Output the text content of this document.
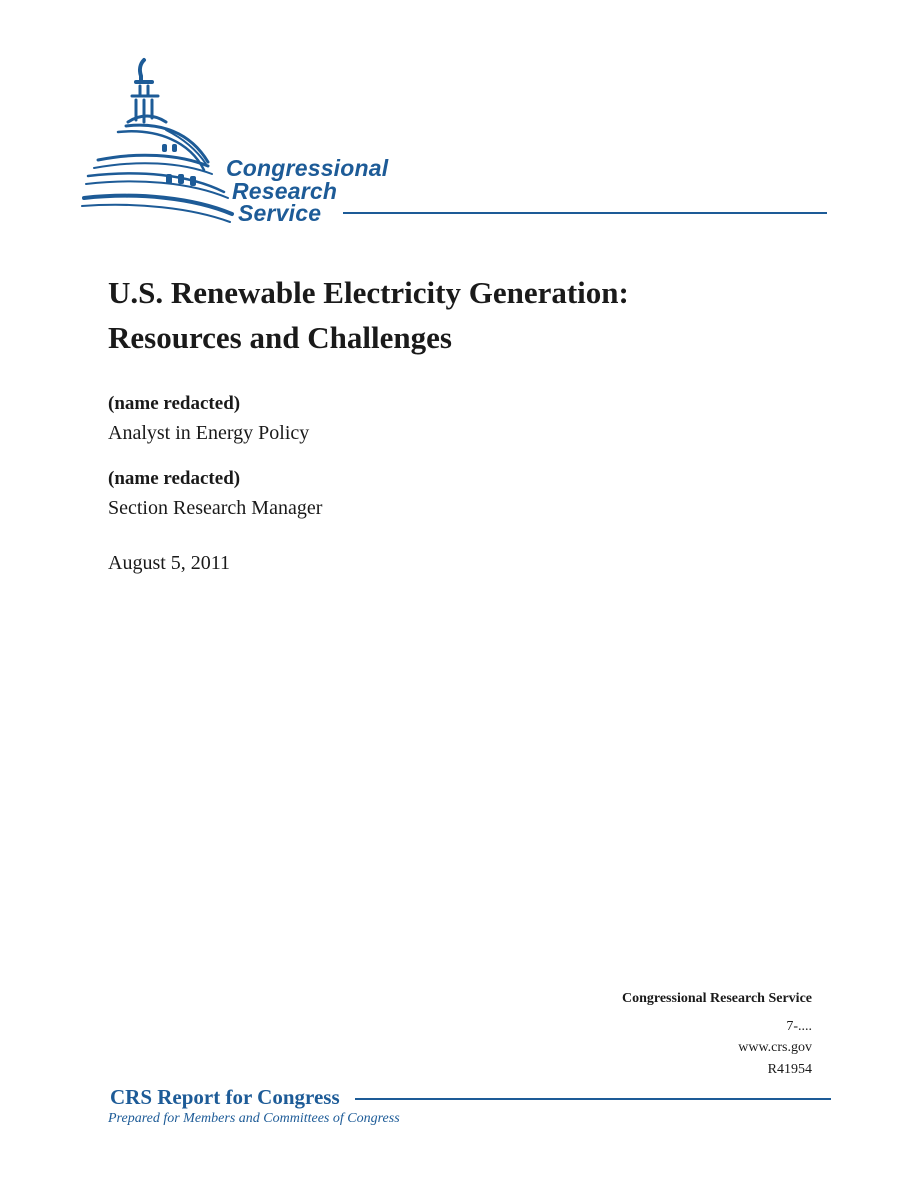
Congressional
Research
Service
U.S. Renewable Electricity Generation:
Resources and Challenges
(name redacted)
Analyst in Energy Policy
(name redacted)
Section Research Manager
August 5, 2011
Congressional Research Service
7-....
www.crs.gov
R41954
CRS Report for Congress
Prepared for Members and Committees of Congress
